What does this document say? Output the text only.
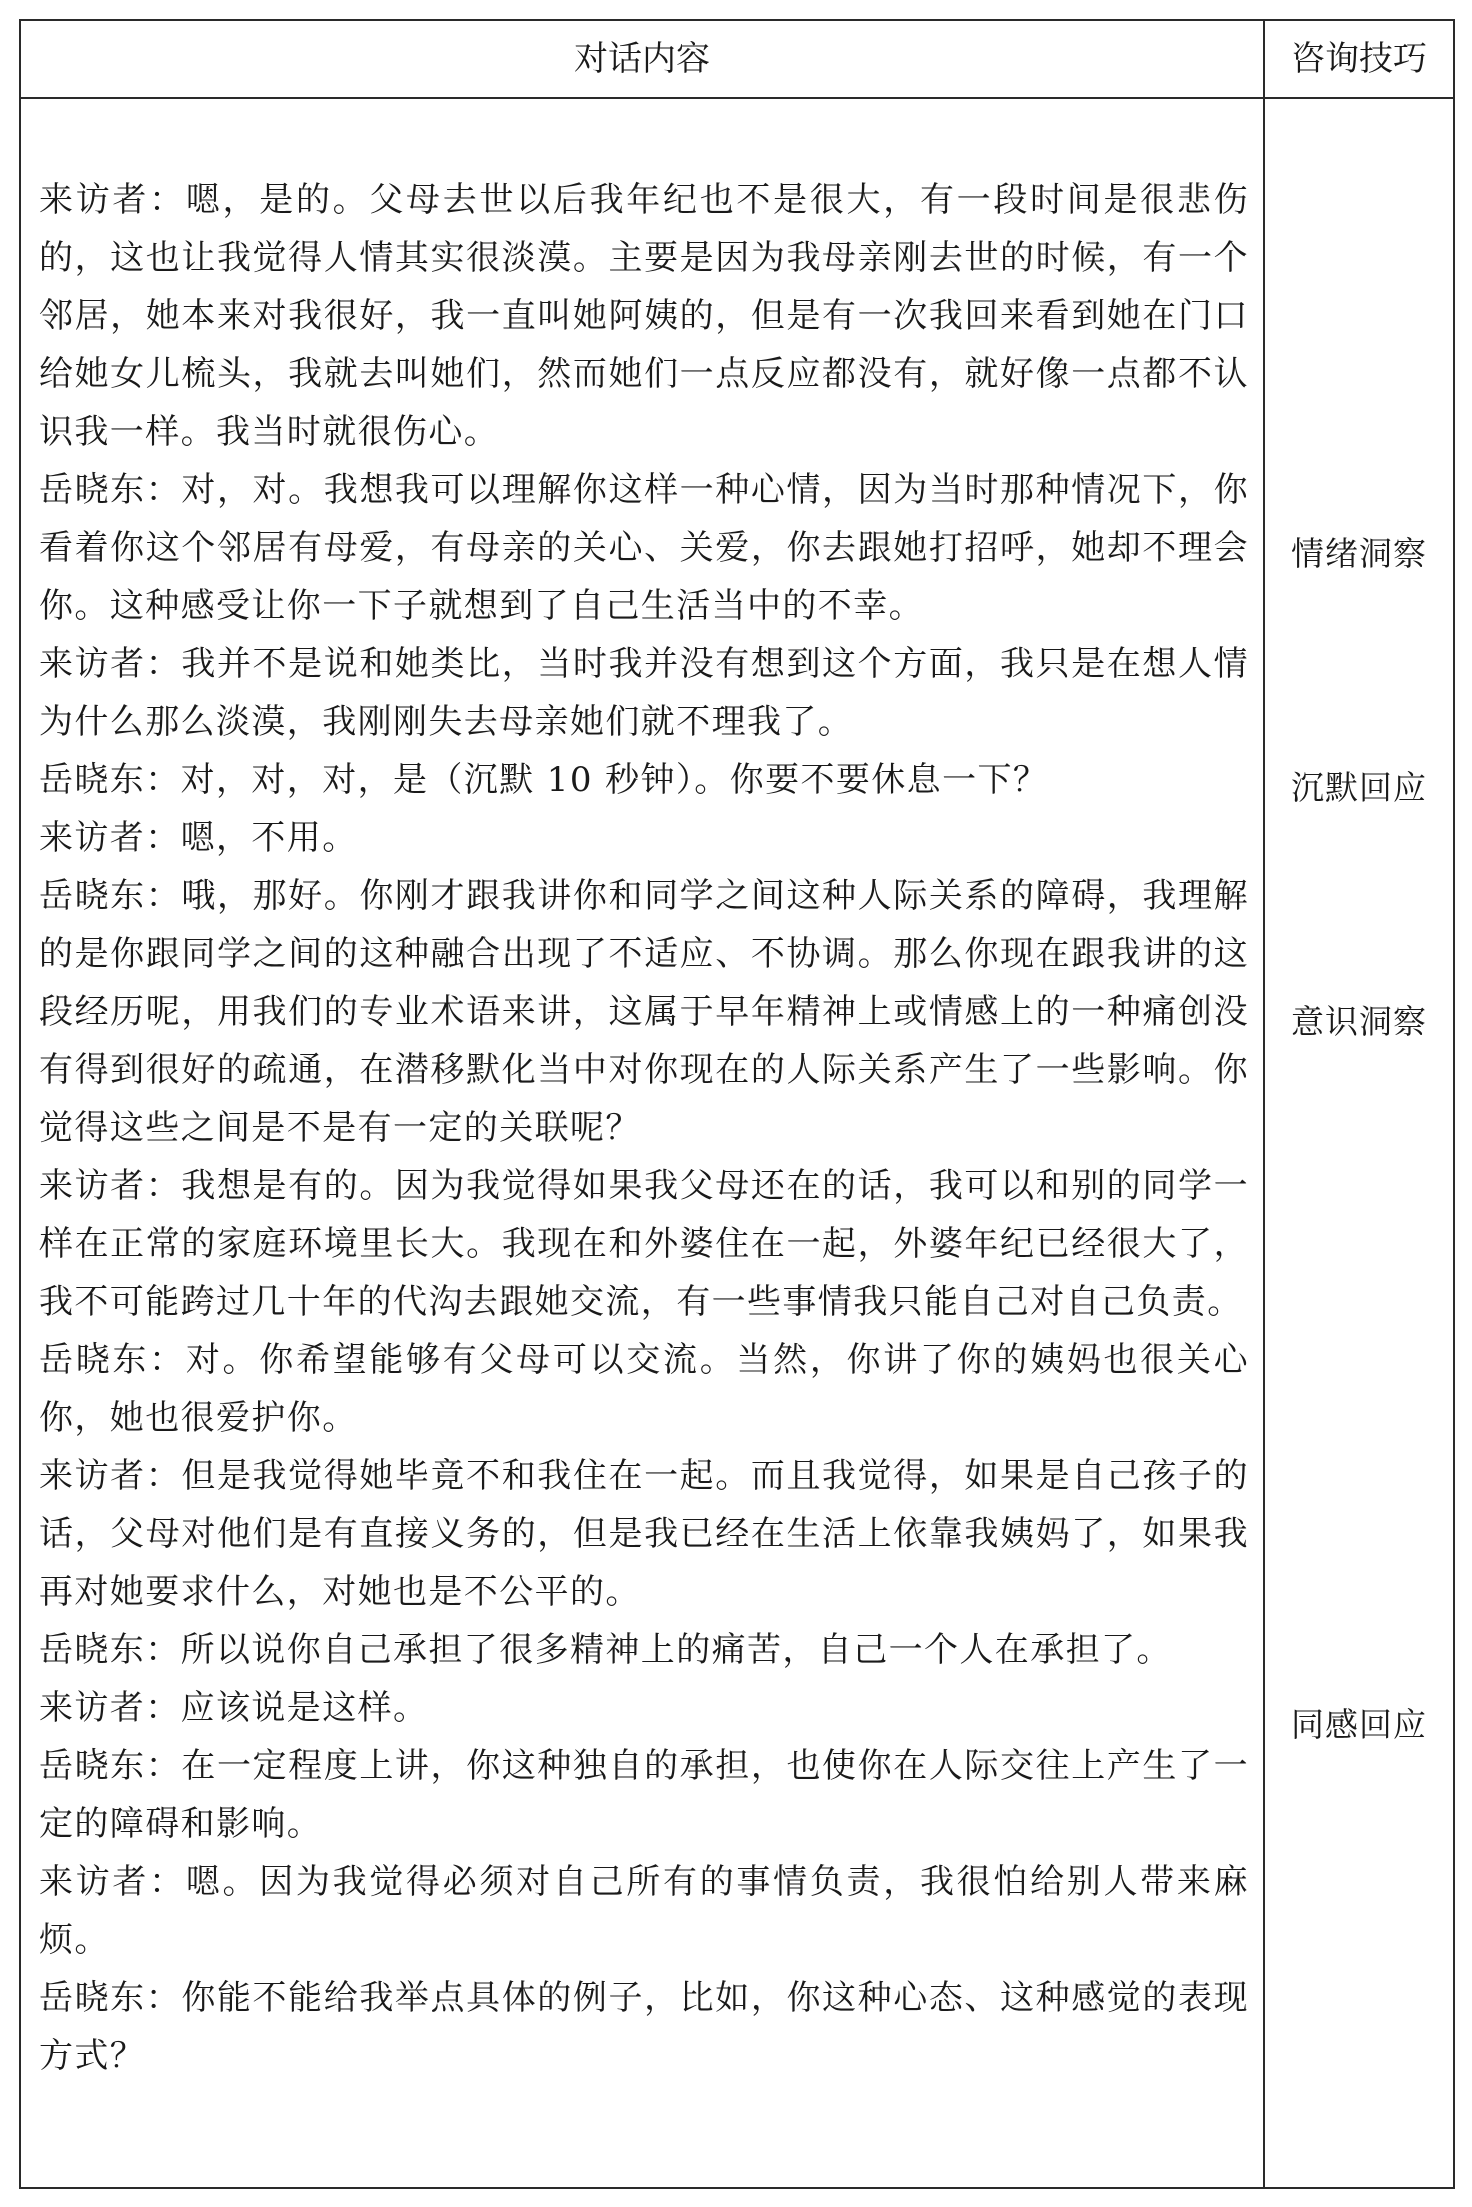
对话内容	咨询技巧

来访者：嗯，是的。父母去世以后我年纪也不是很大，有一段时间是很悲伤的，这也让我觉得人情其实很淡漠。主要是因为我母亲刚去世的时候，有一个邻居，她本来对我很好，我一直叫她阿姨的，但是有一次我回来看到她在门口给她女儿梳头，我就去叫她们，然而她们一点反应都没有，就好像一点都不认识我一样。我当时就很伤心。

岳晓东：对，对。我想我可以理解你这样一种心情，因为当时那种情况下，你看着你这个邻居有母爱，有母亲的关心、关爱，你去跟她打招呼，她却不理会你。这种感受让你一下子就想到了自己生活当中的不幸。

来访者：我并不是说和她类比，当时我并没有想到这个方面，我只是在想人情为什么那么淡漠，我刚刚失去母亲她们就不理我了。

岳晓东：对，对，对，是（沉默 10 秒钟）。你要不要休息一下？

来访者：嗯，不用。

岳晓东：哦，那好。你刚才跟我讲你和同学之间这种人际关系的障碍，我理解的是你跟同学之间的这种融合出现了不适应、不协调。那么你现在跟我讲的这段经历呢，用我们的专业术语来讲，这属于早年精神上或情感上的一种痛创没有得到很好的疏通，在潜移默化当中对你现在的人际关系产生了一些影响。你觉得这些之间是不是有一定的关联呢？

来访者：我想是有的。因为我觉得如果我父母还在的话，我可以和别的同学一样在正常的家庭环境里长大。我现在和外婆住在一起，外婆年纪已经很大了，我不可能跨过几十年的代沟去跟她交流，有一些事情我只能自己对自己负责。

岳晓东：对。你希望能够有父母可以交流。当然，你讲了你的姨妈也很关心你，她也很爱护你。

来访者：但是我觉得她毕竟不和我住在一起。而且我觉得，如果是自己孩子的话，父母对他们是有直接义务的，但是我已经在生活上依靠我姨妈了，如果我再对她要求什么，对她也是不公平的。

岳晓东：所以说你自己承担了很多精神上的痛苦，自己一个人在承担了。

来访者：应该说是这样。

岳晓东：在一定程度上讲，你这种独自的承担，也使你在人际交往上产生了一定的障碍和影响。

来访者：嗯。因为我觉得必须对自己所有的事情负责，我很怕给别人带来麻烦。

岳晓东：你能不能给我举点具体的例子，比如，你这种心态、这种感觉的表现方式？

情绪洞察
沉默回应
意识洞察
同感回应
